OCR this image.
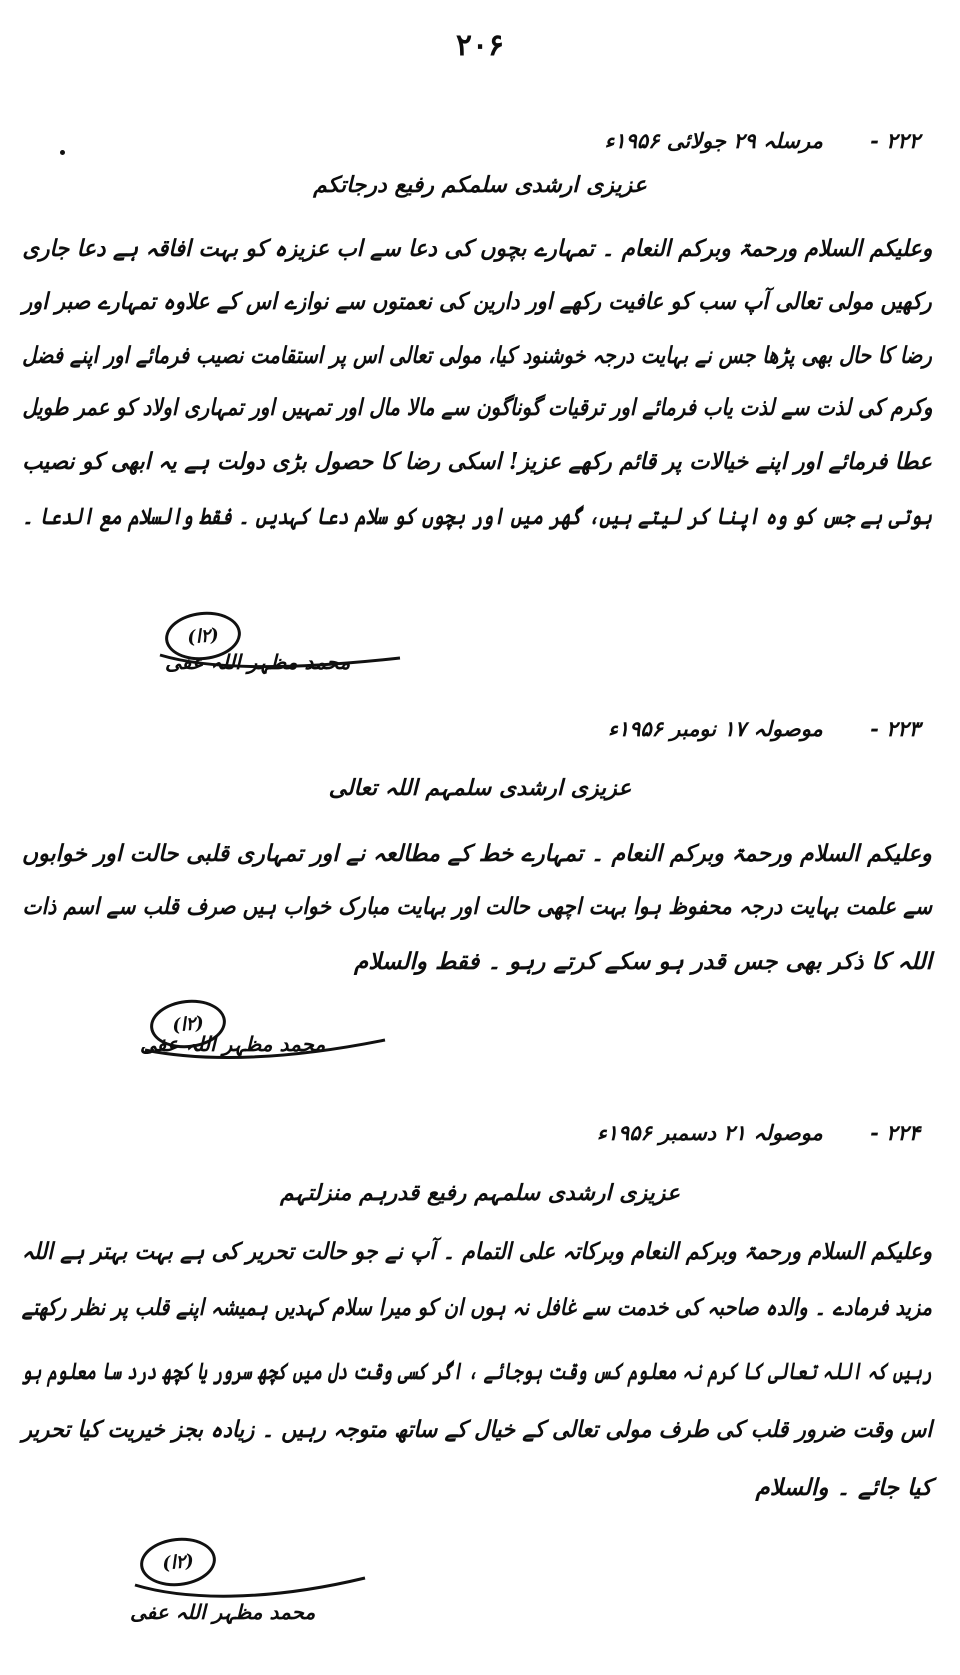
۲۰۶
۲۲۲ - مرسلہ ۲۹ جولائی ۱۹۵۶ء
عزیزی ارشدی سلمکم رفیع درجاتکم
وعلیکم السلام ورحمۃ وبرکم النعام ۔ تمہارے بچوں کی دعا سے اب عزیزہ کو بہت افاقہ ہے دعا جاری
رکھیں مولی تعالی آپ سب کو عافیت رکھے اور دارین کی نعمتوں سے نوازے اس کے علاوہ تمہارے صبر اور
رضا کا حال بھی پڑھا جس نے بہایت درجہ خوشنود کیا، مولی تعالی اس پر استقامت نصیب فرمائے اور اپنے فضل
وکرم کی لذت سے لذت یاب فرمائے اور ترقیات گوناگون سے مالا مال اور تمہیں اور تمہاری اولاد کو عمر طویل
عطا فرمائے اور اپنے خیالات پر قائم رکھے عزیز! اسکی رضا کا حصول بڑی دولت ہے یہ ابھی کو نصیب
ہوتی ہے جس کو وہ اپنا کر لیتے ہیں، گھر میں اور بچوں کو سلام دعا کہدیں ۔ فقط والسلام مع الدعا ۔
(۲ا)
محمد مظہر اللہ عفی
۲۲۳ - موصولہ ۱۷ نومبر ۱۹۵۶ء
عزیزی ارشدی سلمہم اللہ تعالی
وعلیکم السلام ورحمۃ وبرکم النعام ۔ تمہارے خط کے مطالعہ نے اور تمہاری قلبی حالت اور خوابوں
سے علمت بہایت درجہ محفوظ ہوا بہت اچھی حالت اور بہایت مبارک خواب ہیں صرف قلب سے اسم ذات
اللہ کا ذکر بھی جس قدر ہو سکے کرتے رہو ۔ فقط والسلام
(۲ا)
محمد مظہر اللہ عفی
۲۲۴ - موصولہ ۲۱ دسمبر ۱۹۵۶ء
عزیزی ارشدی سلمہم رفیع قدرہم منزلتہم
وعلیکم السلام ورحمۃ وبرکم النعام وبرکاتہ علی التمام ۔ آپ نے جو حالت تحریر کی ہے بہت بہتر ہے اللہ
مزید فرمادے ۔ والدہ صاحبہ کی خدمت سے غافل نہ ہوں ان کو میرا سلام کہدیں ہمیشہ اپنے قلب پر نظر رکھتے
رہیں کہ اللہ تعالی کا کرم نہ معلوم کس وقت ہوجائے ، اگر کسی وقت دل میں کچھ سرور یا کچھ درد سا معلوم ہو
اس وقت ضرور قلب کی طرف مولی تعالی کے خیال کے ساتھ متوجہ رہیں ۔ زیادہ بجز خیریت کیا تحریر
کیا جائے ۔ والسلام
(۲ا)
محمد مظہر اللہ عفی
